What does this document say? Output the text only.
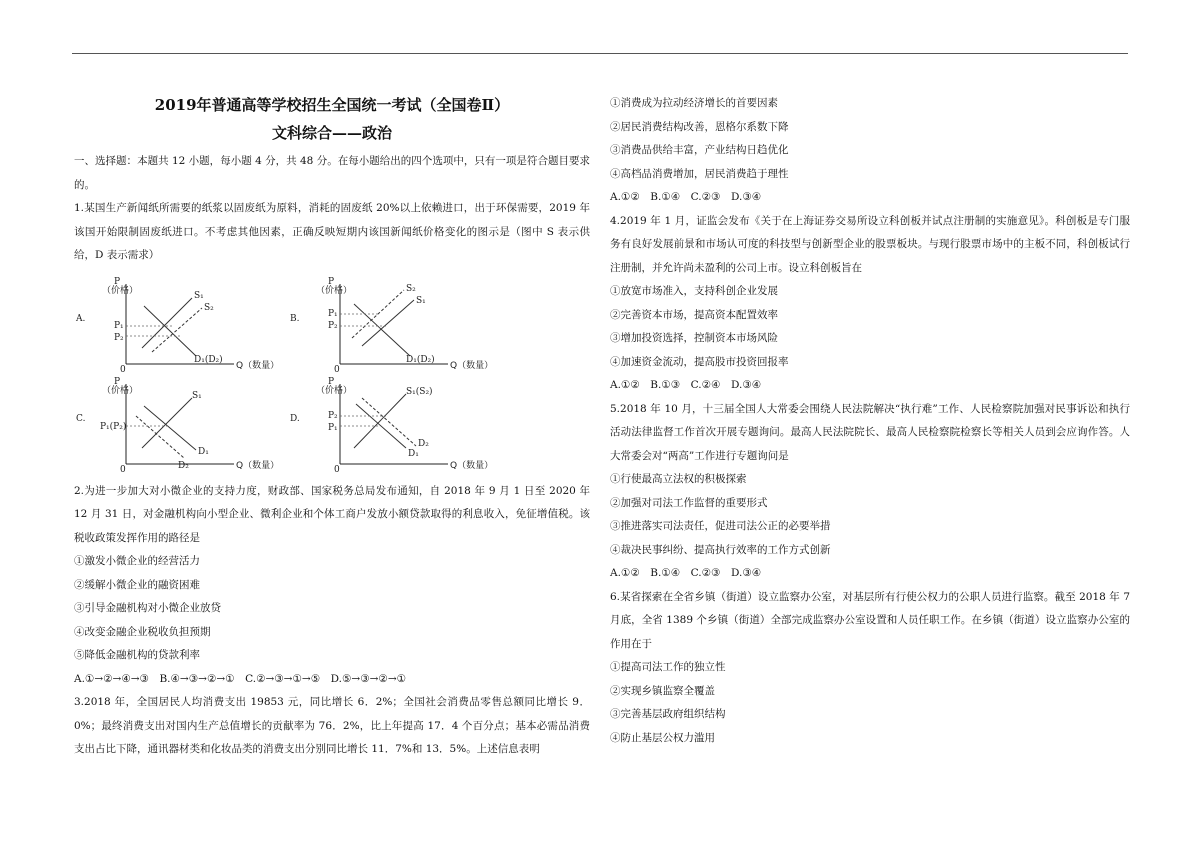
2019年普通高等学校招生全国统一考试（全国卷Ⅱ）

文科综合——政治

一、选择题：本题共 12 小题，每小题 4 分，共 48 分。在每小题给出的四个选项中，只有一项是符合题目要求的。

1.某国生产新闻纸所需要的纸浆以固废纸为原料，消耗的固废纸 20%以上依赖进口，出于环保需要，2019 年该国开始限制固废纸进口。不考虑其他因素，正确反映短期内该国新闻纸价格变化的图示是（图中 S 表示供给，D 表示需求）

A.
P
（价格）
0	Q（数量）
S₁
S₂
D₁(D₂)
P₁
P₂
B.
P
（价格）
0	Q（数量）
S₂
S₁
D₁(D₂)
P₁
P₂
C.
P
（价格）
0	Q（数量）
S₁
D₁
D₂
P₁(P₂)
D.
P
（价格）
0	Q（数量）
S₁(S₂)
D₁
D₂
P₂
P₁

2.为进一步加大对小微企业的支持力度，财政部、国家税务总局发布通知，自 2018 年 9 月 1 日至 2020 年 12 月 31 日，对金融机构向小型企业、微利企业和个体工商户发放小额贷款取得的利息收入，免征增值税。该税收政策发挥作用的路径是

①激发小微企业的经营活力

②缓解小微企业的融资困难

③引导金融机构对小微企业放贷

④改变金融企业税收负担预期

⑤降低金融机构的贷款利率

A.①→②→④→③　B.④→③→②→①　C.②→③→①→⑤　D.⑤→③→②→①

3.2018 年，全国居民人均消费支出 19853 元，同比增长 6．2%；全国社会消费品零售总额同比增长 9．0%；最终消费支出对国内生产总值增长的贡献率为 76．2%，比上年提高 17．4 个百分点；基本必需品消费支出占比下降，通讯器材类和化妆品类的消费支出分别同比增长 11．7%和 13．5%。上述信息表明

①消费成为拉动经济增长的首要因素

②居民消费结构改善，恩格尔系数下降

③消费品供给丰富，产业结构日趋优化

④高档品消费增加，居民消费趋于理性

A.①②　B.①④　C.②③　D.③④

4.2019 年 1 月，证监会发布《关于在上海证券交易所设立科创板并试点注册制的实施意见》。科创板是专门服务有良好发展前景和市场认可度的科技型与创新型企业的股票板块。与现行股票市场中的主板不同，科创板试行注册制，并允许尚未盈利的公司上市。设立科创板旨在

①放宽市场准入，支持科创企业发展

②完善资本市场，提高资本配置效率

③增加投资选择，控制资本市场风险

④加速资金流动，提高股市投资回报率

A.①②　B.①③　C.②④　D.③④

5.2018 年 10 月，十三届全国人大常委会围绕人民法院解决“执行难”工作、人民检察院加强对民事诉讼和执行活动法律监督工作首次开展专题询问。最高人民法院院长、最高人民检察院检察长等相关人员到会应询作答。人大常委会对“两高”工作进行专题询问是

①行使最高立法权的积极探索

②加强对司法工作监督的重要形式

③推进落实司法责任，促进司法公正的必要举措

④裁决民事纠纷、提高执行效率的工作方式创新

A.①②　B.①④　C.②③　D.③④

6.某省探索在全省乡镇（街道）设立监察办公室，对基层所有行使公权力的公职人员进行监察。截至 2018 年 7 月底，全省 1389 个乡镇（街道）全部完成监察办公室设置和人员任职工作。在乡镇（街道）设立监察办公室的作用在于

①提高司法工作的独立性

②实现乡镇监察全覆盖

③完善基层政府组织结构

④防止基层公权力滥用
